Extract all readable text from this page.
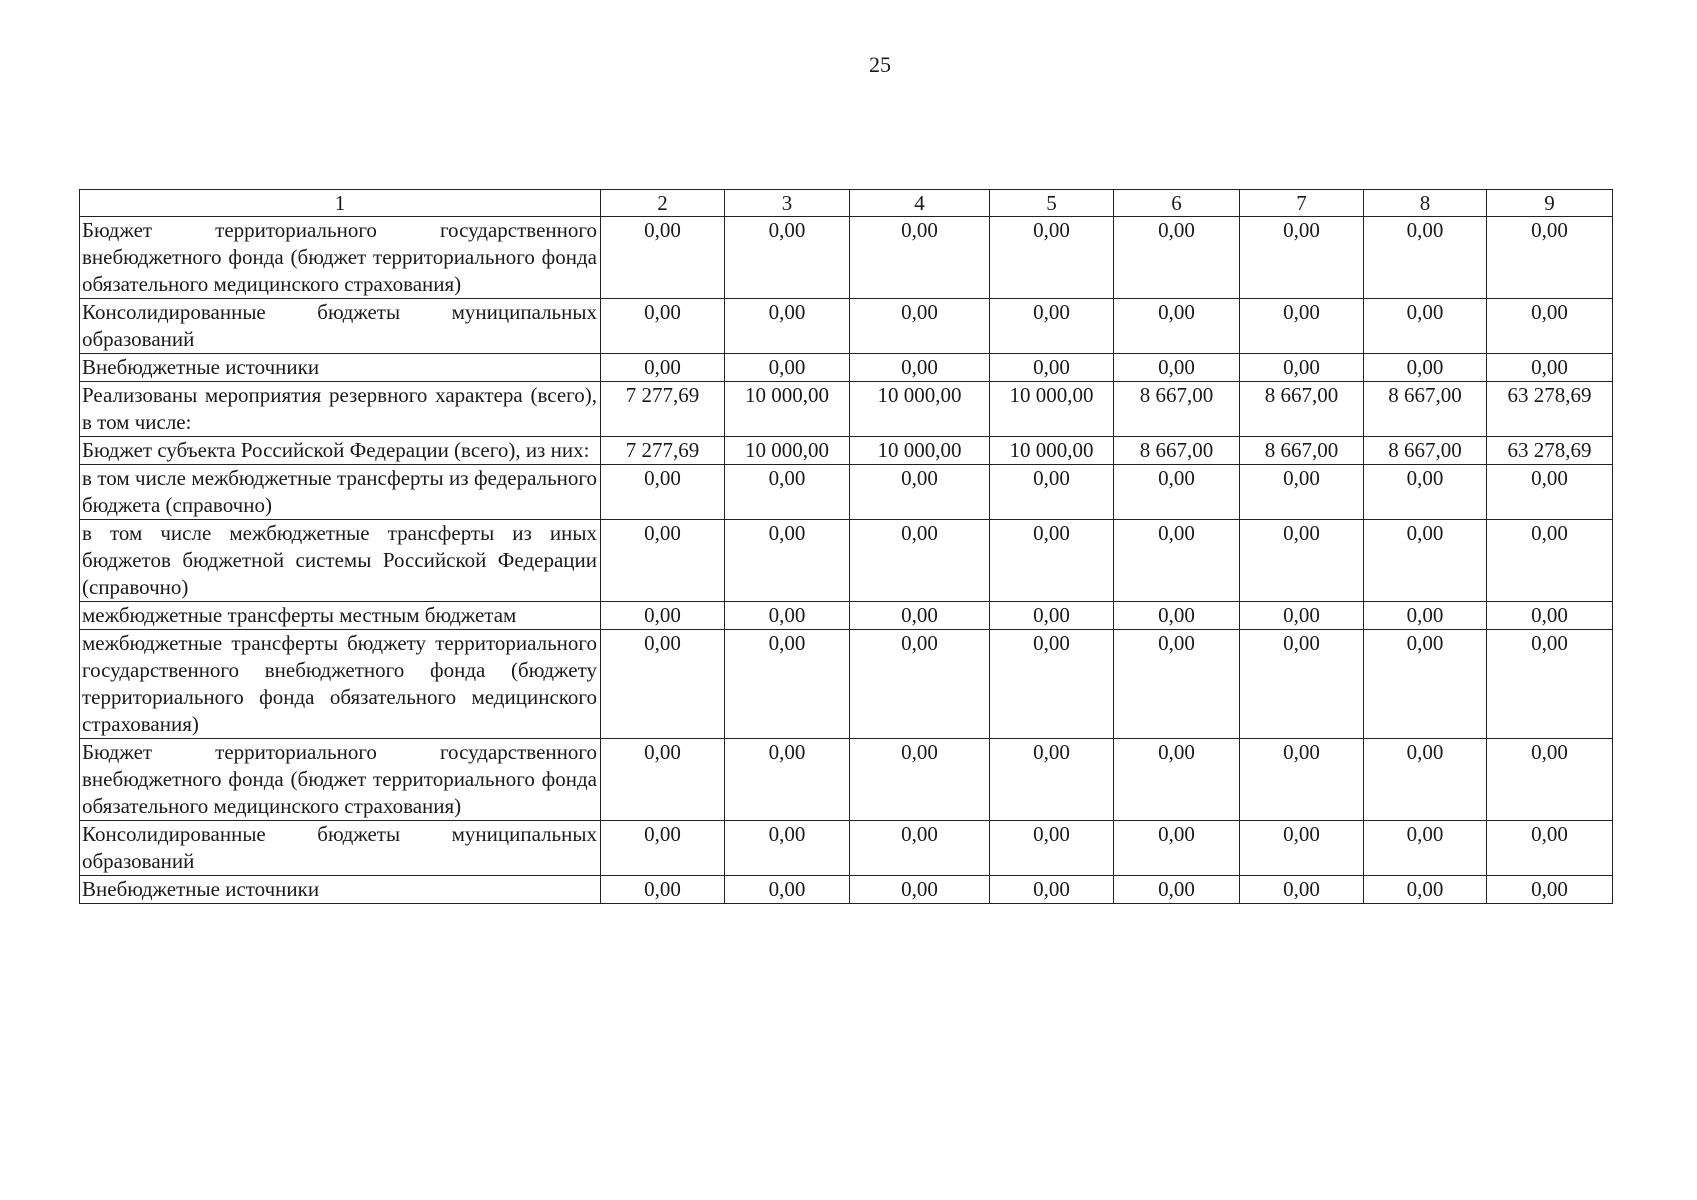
25
1	2	3	4	5	6	7	8	9
Бюджет территориального государственного внебюджетного фонда (бюджет территориального фонда обязательного медицинского страхования)	0,00	0,00	0,00	0,00	0,00	0,00	0,00	0,00
Консолидированные бюджеты муниципальных образований	0,00	0,00	0,00	0,00	0,00	0,00	0,00	0,00
Внебюджетные источники	0,00	0,00	0,00	0,00	0,00	0,00	0,00	0,00
Реализованы мероприятия резервного характера (всего), в том числе:	7 277,69	10 000,00	10 000,00	10 000,00	8 667,00	8 667,00	8 667,00	63 278,69
Бюджет субъекта Российской Федерации (всего), из них:	7 277,69	10 000,00	10 000,00	10 000,00	8 667,00	8 667,00	8 667,00	63 278,69
в том числе межбюджетные трансферты из федерального бюджета (справочно)	0,00	0,00	0,00	0,00	0,00	0,00	0,00	0,00
в том числе межбюджетные трансферты из иных бюджетов бюджетной системы Российской Федерации (справочно)	0,00	0,00	0,00	0,00	0,00	0,00	0,00	0,00
межбюджетные трансферты местным бюджетам	0,00	0,00	0,00	0,00	0,00	0,00	0,00	0,00
межбюджетные трансферты бюджету территориального государственного внебюджетного фонда (бюджету территориального фонда обязательного медицинского страхования)	0,00	0,00	0,00	0,00	0,00	0,00	0,00	0,00
Бюджет территориального государственного внебюджетного фонда (бюджет территориального фонда обязательного медицинского страхования)	0,00	0,00	0,00	0,00	0,00	0,00	0,00	0,00
Консолидированные бюджеты муниципальных образований	0,00	0,00	0,00	0,00	0,00	0,00	0,00	0,00
Внебюджетные источники	0,00	0,00	0,00	0,00	0,00	0,00	0,00	0,00
